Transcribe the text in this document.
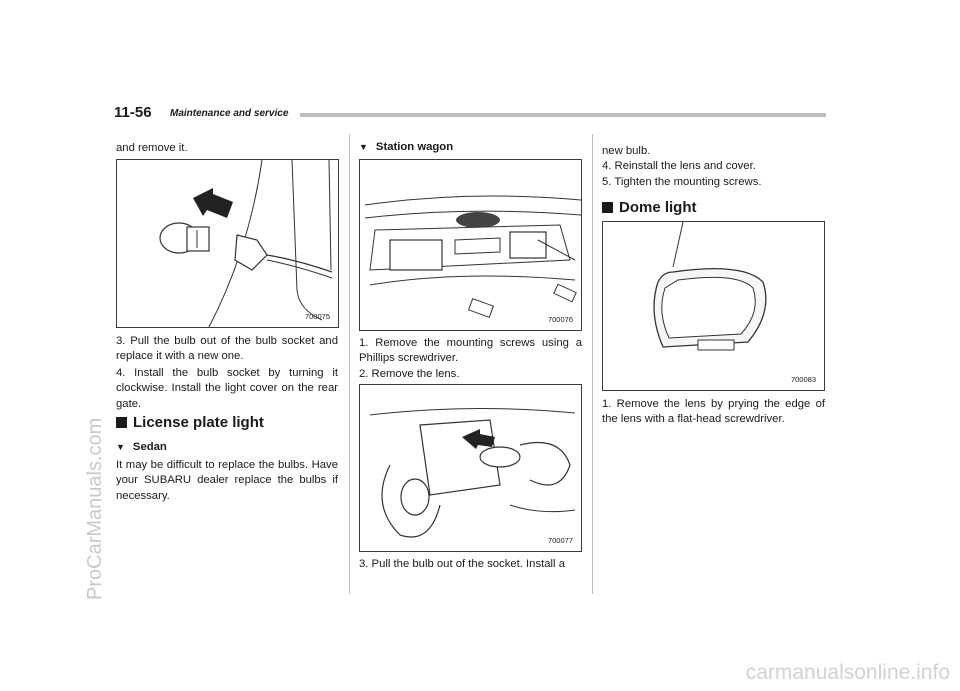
11-56 Maintenance and service
and remove it.
700075
3. Pull the bulb out of the bulb socket and replace it with a new one.
4. Install the bulb socket by turning it clockwise. Install the light cover on the rear gate.
License plate light
▼ Sedan
It may be difficult to replace the bulbs. Have your SUBARU dealer replace the bulbs if necessary.
▼ Station wagon
700076
1. Remove the mounting screws using a Phillips screwdriver.
2. Remove the lens.
700077
3. Pull the bulb out of the socket. Install a
new bulb.
4. Reinstall the lens and cover.
5. Tighten the mounting screws.
Dome light
700083
1. Remove the lens by prying the edge of the lens with a flat-head screwdriver.
ProCarManuals.com
carmanualsonline.info
